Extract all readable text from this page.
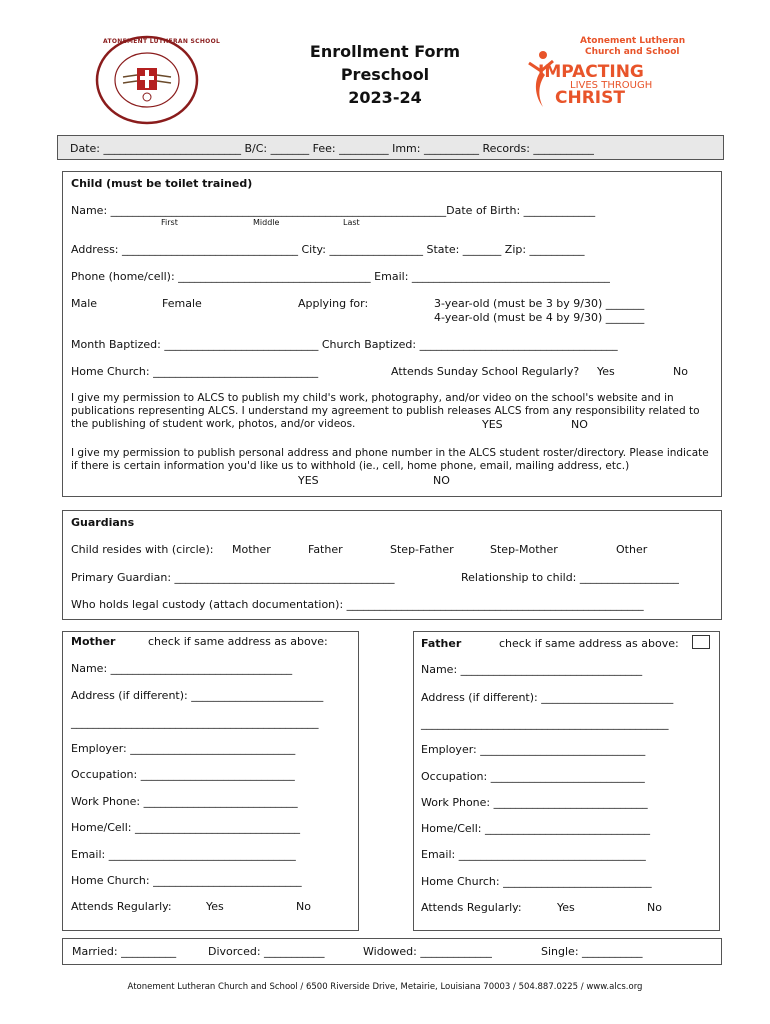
ATONEMENT LUTHERAN SCHOOL
Enrollment Form
Preschool
2023-24
Atonement Lutheran
Church and School
IMPACTING
LIVES THROUGH
CHRIST
Date: _________________________ B/C: _______ Fee: _________ Imm: __________ Records: ___________
Child (must be toilet trained)
Name: _____________________________________________________________Date of Birth: _____________
First	Middle	Last
Address: ________________________________ City: _________________ State: _______ Zip: __________
Phone (home/cell): ___________________________________ Email: ____________________________________
Male	Female	Applying for:	3-year-old (must be 3 by 9/30) _______
4-year-old (must be 4 by 9/30) _______
Month Baptized: ____________________________ Church Baptized: ____________________________________
Home Church: ______________________________	Attends Sunday School Regularly? Yes	No
I give my permission to ALCS to publish my child's work, photography, and/or video on the school's website and in publications representing ALCS. I understand my agreement to publish releases ALCS from any responsibility related to the publishing of student work, photos, and/or videos.	YES	NO
I give my permission to publish personal address and phone number in the ALCS student roster/directory. Please indicate if there is certain information you'd like us to withhold (ie., cell, home phone, email, mailing address, etc.)
YES	NO
Guardians
Child resides with (circle): Mother	Father	Step-Father	Step-Mother	Other
Primary Guardian: ________________________________________	Relationship to child: __________________
Who holds legal custody (attach documentation): ______________________________________________________
Mother	check if same address as above:
Name: _________________________________
Address (if different): ________________________
_____________________________________________
Employer: ______________________________
Occupation: ____________________________
Work Phone: ____________________________
Home/Cell: ______________________________
Email: __________________________________
Home Church: ___________________________
Attends Regularly:	Yes	No
Father	check if same address as above:
Name: _________________________________
Address (if different): ________________________
_____________________________________________
Employer: ______________________________
Occupation: ____________________________
Work Phone: ____________________________
Home/Cell: ______________________________
Email: __________________________________
Home Church: ___________________________
Attends Regularly:	Yes	No
Married: __________	Divorced: ___________	Widowed: _____________	Single: ___________
Atonement Lutheran Church and School / 6500 Riverside Drive, Metairie, Louisiana 70003 / 504.887.0225 / www.alcs.org
